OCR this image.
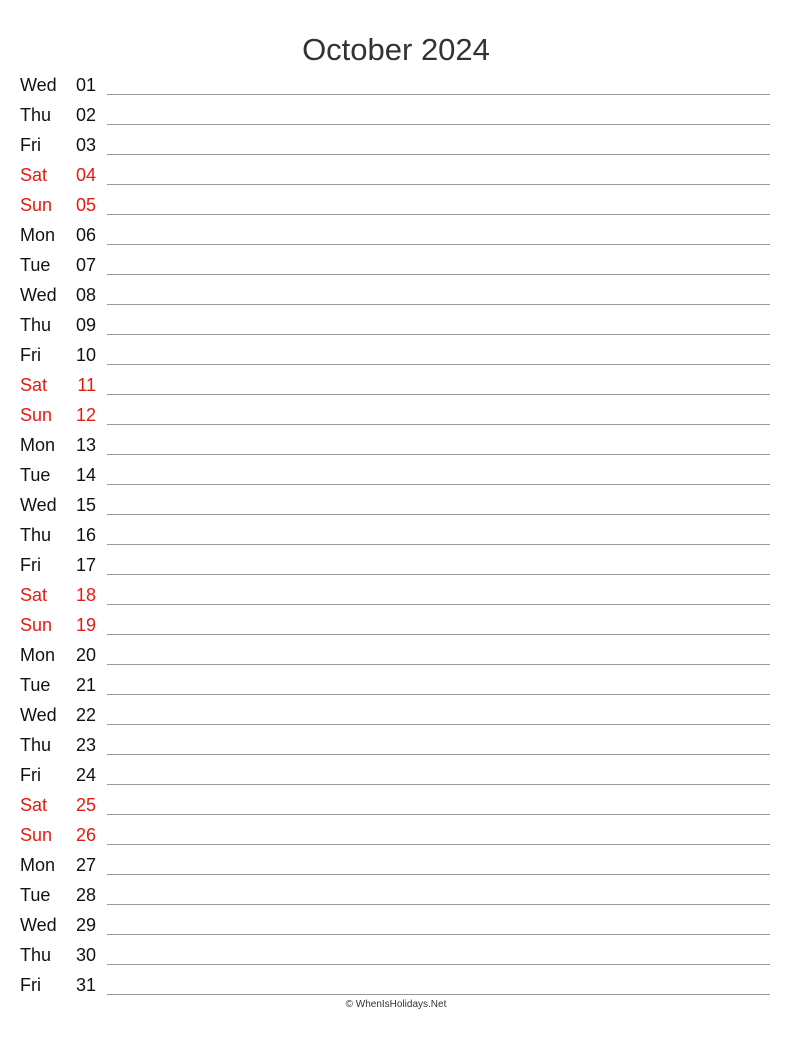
October 2024
Wed	01
Thu	02
Fri	03
Sat	04
Sun	05
Mon	06
Tue	07
Wed	08
Thu	09
Fri	10
Sat	11
Sun	12
Mon	13
Tue	14
Wed	15
Thu	16
Fri	17
Sat	18
Sun	19
Mon	20
Tue	21
Wed	22
Thu	23
Fri	24
Sat	25
Sun	26
Mon	27
Tue	28
Wed	29
Thu	30
Fri	31
© WhenIsHolidays.Net
